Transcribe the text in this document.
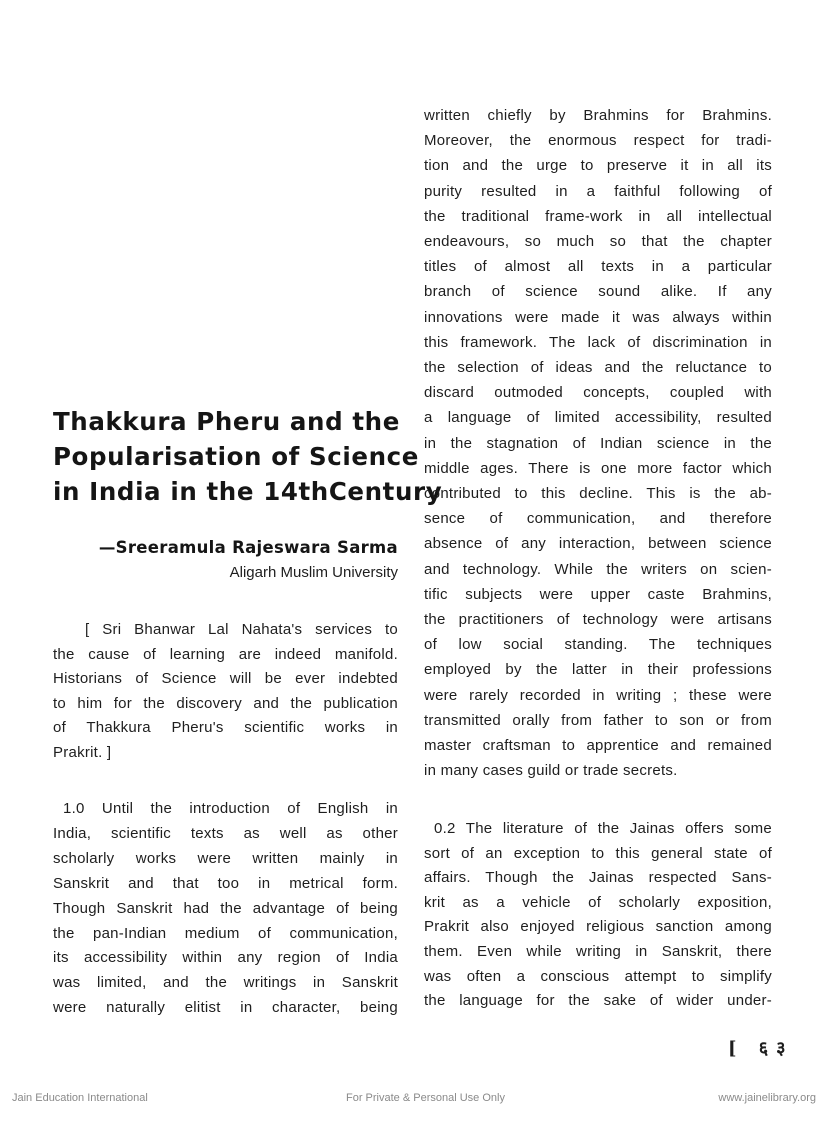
Thakkura Pheru and the
Popularisation of Science
in India in the 14thCentury
—Sreeramula Rajeswara Sarma
Aligarh Muslim University

[ Sri Bhanwar Lal Nahata's services to
the cause of learning are indeed manifold.
Historians of Science will be ever indebted
to him for the discovery and the publication
of Thakkura Pheru's scientific works in
Prakrit. ]

1.0 Until the introduction of English in
India, scientific texts as well as other
scholarly works were written mainly in
Sanskrit and that too in metrical form.
Though Sanskrit had the advantage of being
the pan-Indian medium of communication,
its accessibility within any region of India
was limited, and the writings in Sanskrit
were naturally elitist in character, being

written chiefly by Brahmins for Brahmins.
Moreover, the enormous respect for tradi-
tion and the urge to preserve it in all its
purity resulted in a faithful following of
the traditional frame-work in all intellectual
endeavours, so much so that the chapter
titles of almost all texts in a particular
branch of science sound alike. If any
innovations were made it was always within
this framework. The lack of discrimination in
the selection of ideas and the reluctance to
discard outmoded concepts, coupled with
a language of limited accessibility, resulted
in the stagnation of Indian science in the
middle ages. There is one more factor which
contributed to this decline. This is the ab-
sence of communication, and therefore
absence of any interaction, between science
and technology. While the writers on scien-
tific subjects were upper caste Brahmins,
the practitioners of technology were artisans
of low social standing. The techniques
employed by the latter in their professions
were rarely recorded in writing ; these were
transmitted orally from father to son or from
master craftsman to apprentice and remained
in many cases guild or trade secrets.

0.2 The literature of the Jainas offers some
sort of an exception to this general state of
affairs. Though the Jainas respected Sans-
krit as a vehicle of scholarly exposition,
Prakrit also enjoyed religious sanction among
them. Even while writing in Sanskrit, there
was often a conscious attempt to simplify
the language for the sake of wider under-

[ ६३
Jain Education International	For Private & Personal Use Only	www.jainelibrary.org
